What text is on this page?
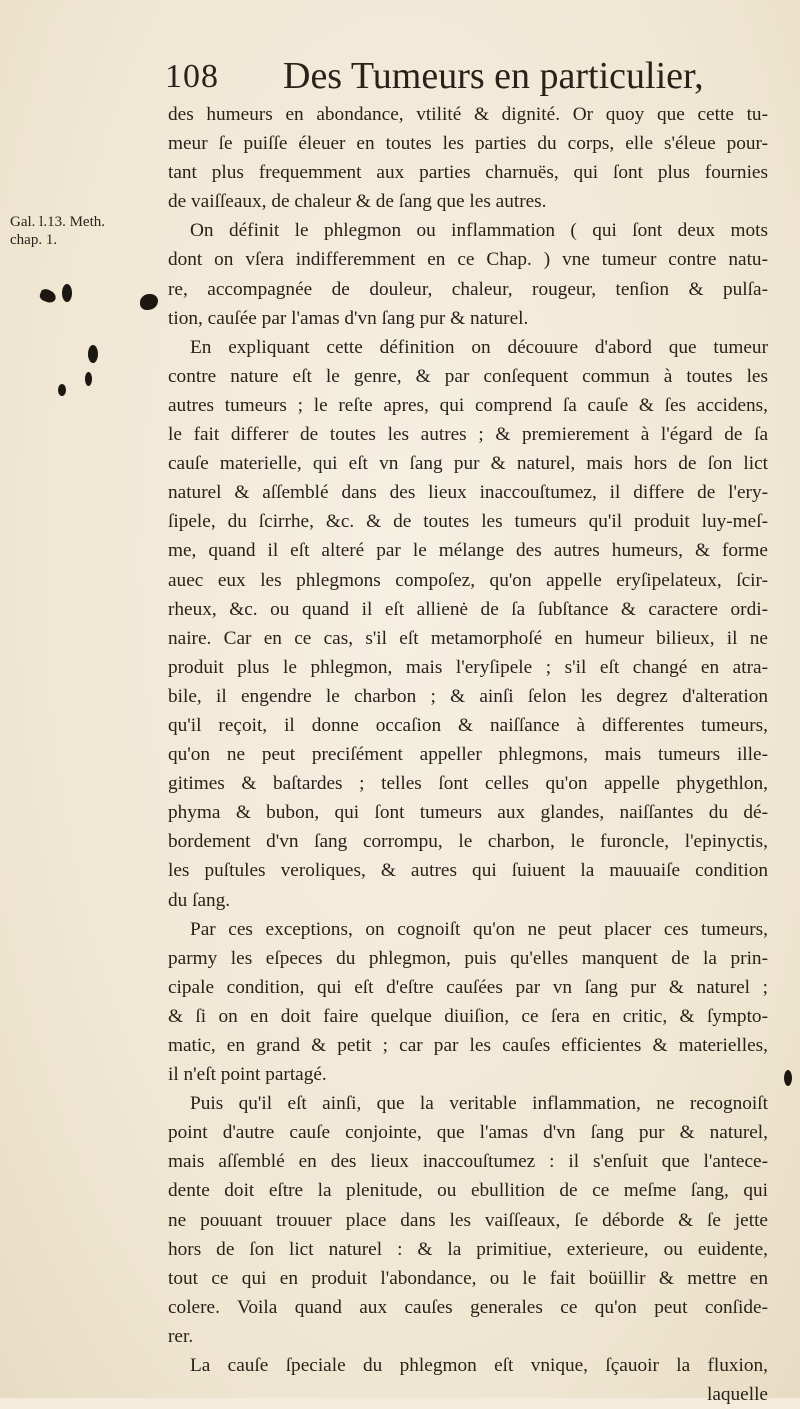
108 Des Tumeurs en particulier,
Gal. l.13. Meth.
chap. 1.
des humeurs en abondance, vtilité & dignité. Or quoy que cette tu-
meur ſe puiſſe éleuer en toutes les parties du corps, elle s'éleue pour-
tant plus frequemment aux parties charnuës, qui ſont plus fournies
de vaiſſeaux, de chaleur & de ſang que les autres.
On définit le phlegmon ou inflammation ( qui ſont deux mots
dont on vſera indifferemment en ce Chap. ) vne tumeur contre natu-
re, accompagnée de douleur, chaleur, rougeur, tenſion & pulſa-
tion, cauſée par l'amas d'vn ſang pur & naturel.
En expliquant cette définition on découure d'abord que tumeur
contre nature eſt le genre, & par conſequent commun à toutes les
autres tumeurs ; le reſte apres, qui comprend ſa cauſe & ſes accidens,
le fait differer de toutes les autres ; & premierement à l'égard de ſa
cauſe materielle, qui eſt vn ſang pur & naturel, mais hors de ſon lict
naturel & aſſemblé dans des lieux inaccouſtumez, il differe de l'ery-
ſipele, du ſcirrhe, &c. & de toutes les tumeurs qu'il produit luy-meſ-
me, quand il eſt alteré par le mélange des autres humeurs, & forme
auec eux les phlegmons compoſez, qu'on appelle eryſipelateux, ſcir-
rheux, &c. ou quand il eſt allienė de ſa ſubſtance & caractere ordi-
naire. Car en ce cas, s'il eſt metamorphoſé en humeur bilieux, il ne
produit plus le phlegmon, mais l'eryſipele ; s'il eſt changé en atra-
bile, il engendre le charbon ; & ainſi ſelon les degrez d'alteration
qu'il reçoit, il donne occaſion & naiſſance à differentes tumeurs,
qu'on ne peut preciſément appeller phlegmons, mais tumeurs ille-
gitimes & baſtardes ; telles ſont celles qu'on appelle phygethlon,
phyma & bubon, qui ſont tumeurs aux glandes, naiſſantes du dé-
bordement d'vn ſang corrompu, le charbon, le furoncle, l'epinyctis,
les puſtules veroliques, & autres qui ſuiuent la mauuaiſe condition
du ſang.
Par ces exceptions, on cognoiſt qu'on ne peut placer ces tumeurs,
parmy les eſpeces du phlegmon, puis qu'elles manquent de la prin-
cipale condition, qui eſt d'eſtre cauſées par vn ſang pur & naturel ;
& ſi on en doit faire quelque diuiſion, ce ſera en critic, & ſympto-
matic, en grand & petit ; car par les cauſes efficientes & materielles,
il n'eſt point partagé.
Puis qu'il eſt ainſi, que la veritable inflammation, ne recognoiſt
point d'autre cauſe conjointe, que l'amas d'vn ſang pur & naturel,
mais aſſemblé en des lieux inaccouſtumez : il s'enſuit que l'antece-
dente doit eſtre la plenitude, ou ebullition de ce meſme ſang, qui
ne pouuant trouuer place dans les vaiſſeaux, ſe déborde & ſe jette
hors de ſon lict naturel : & la primitiue, exterieure, ou euidente,
tout ce qui en produit l'abondance, ou le fait boüillir & mettre en
colere. Voila quand aux cauſes generales ce qu'on peut conſide-
rer.
La cauſe ſpeciale du phlegmon eſt vnique, ſçauoir la fluxion,
laquelle
